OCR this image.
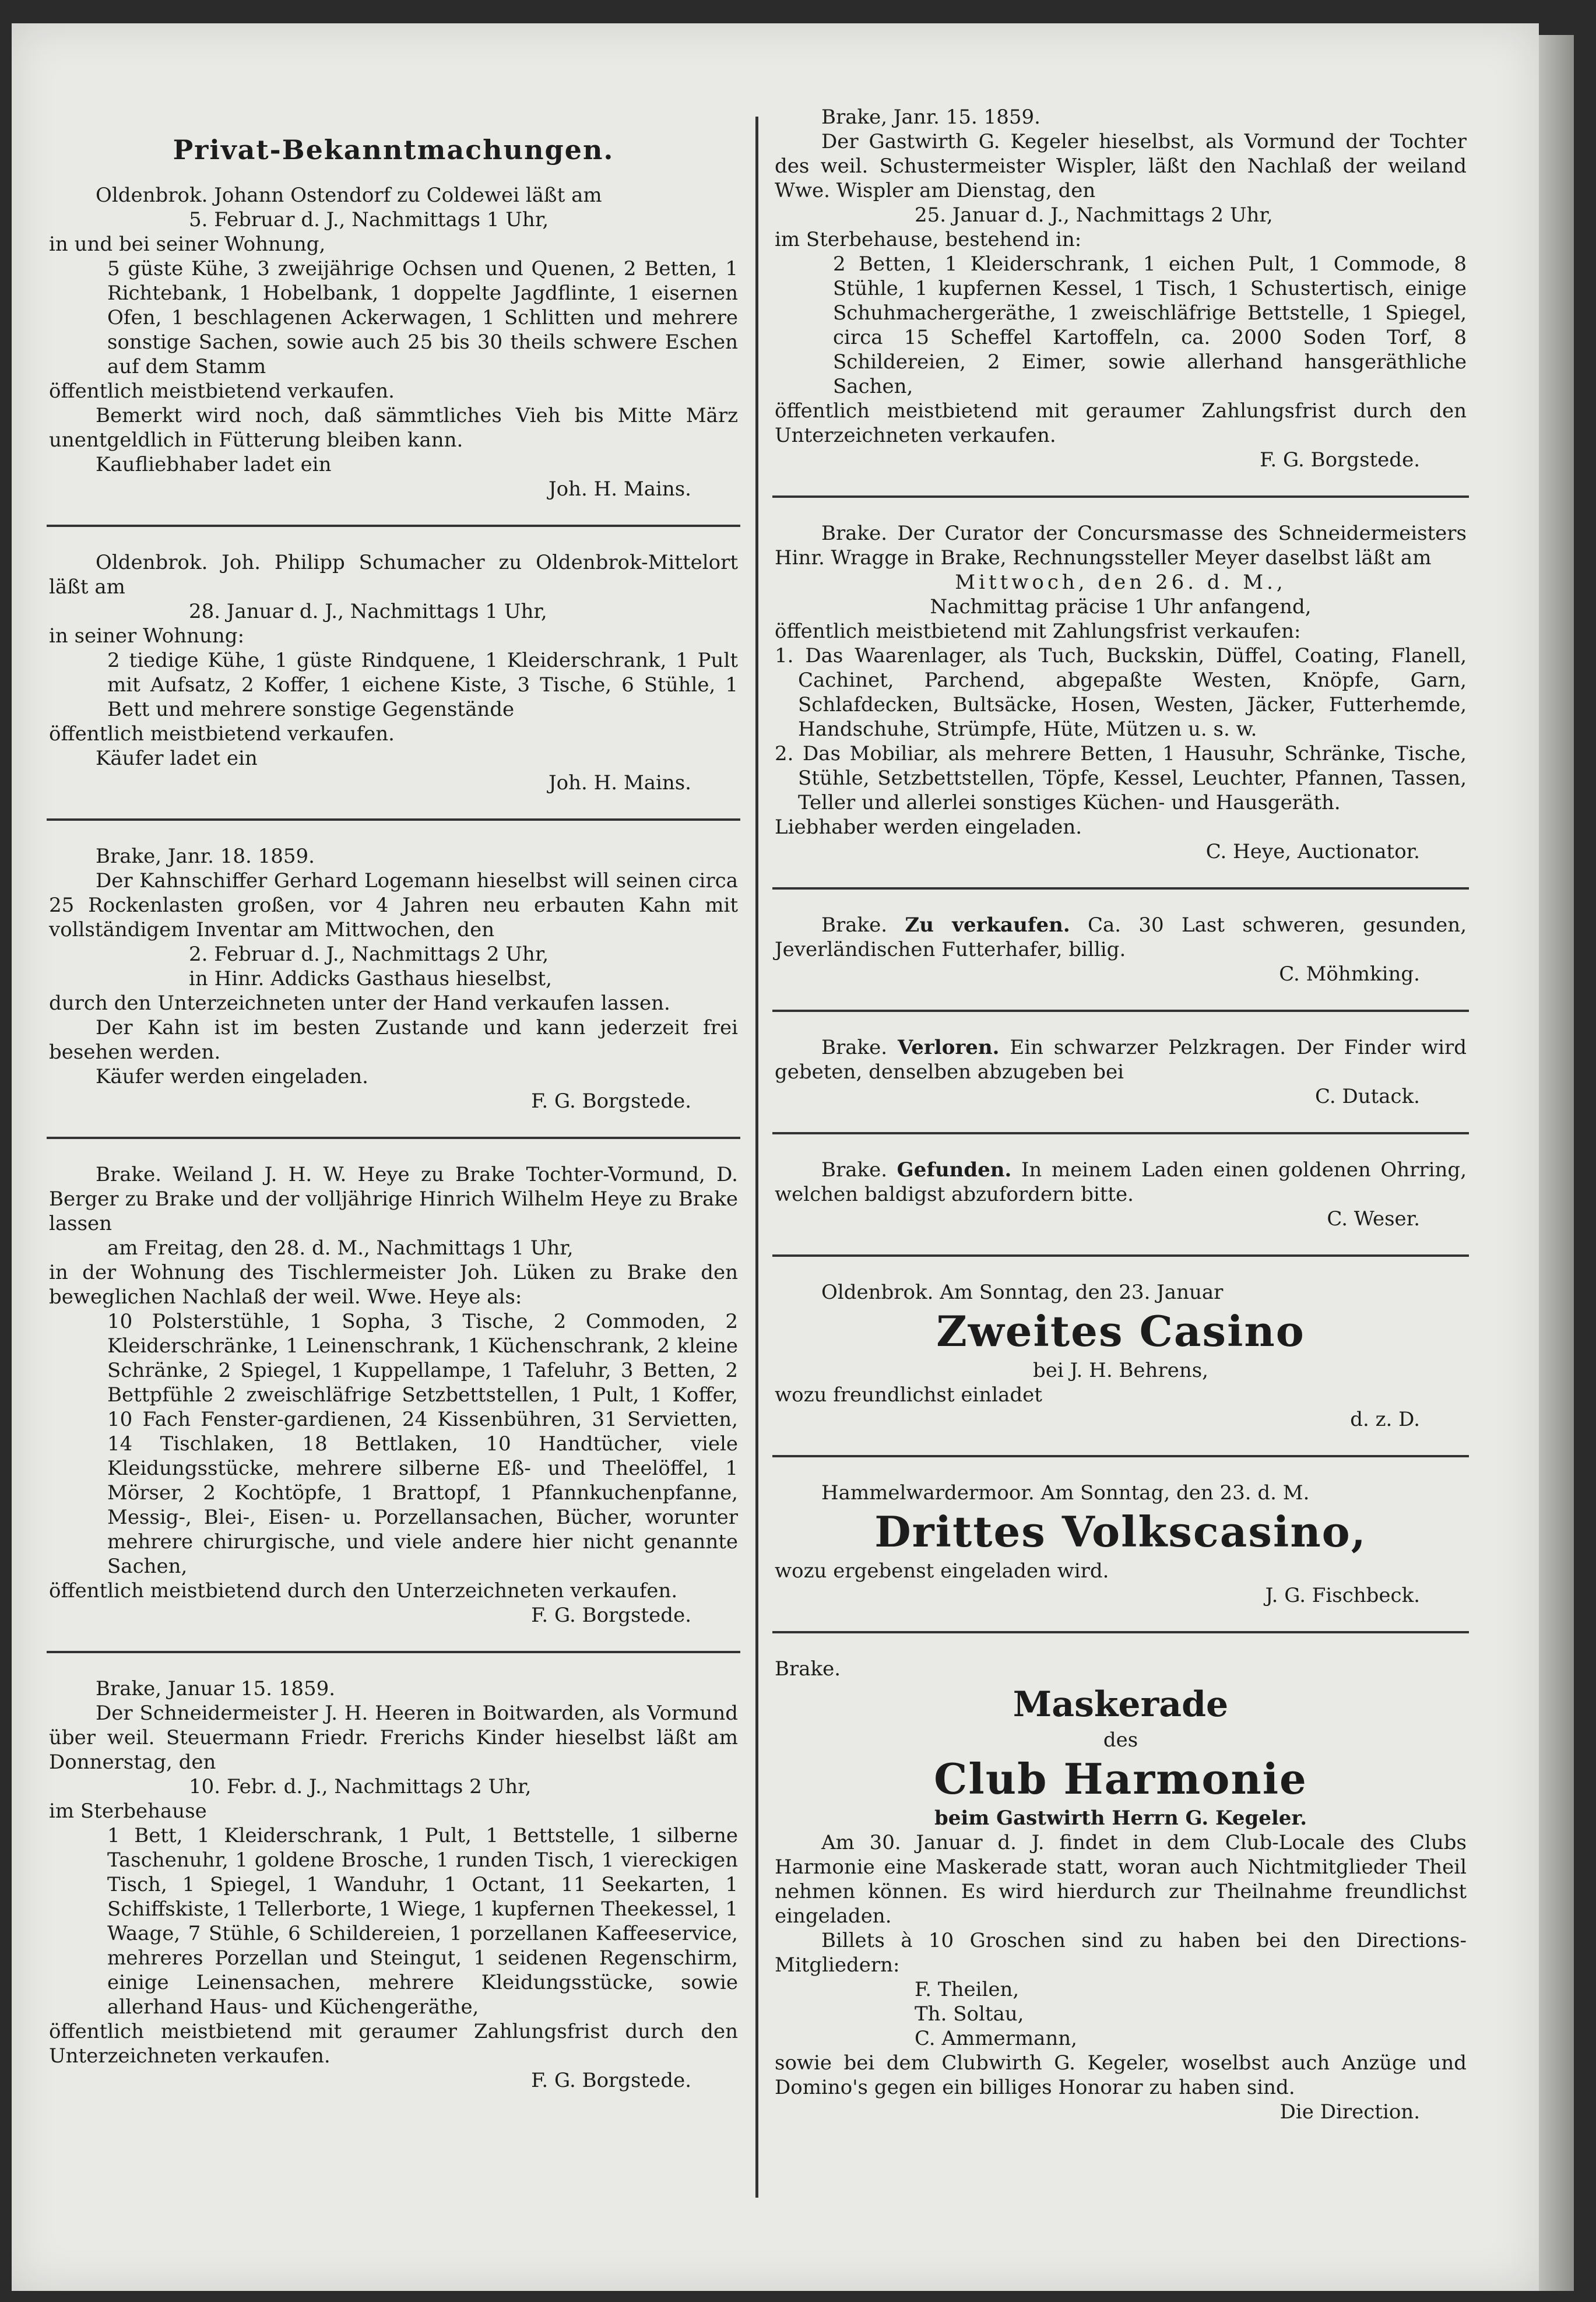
Privat-Bekanntmachungen.

Oldenbrok. Johann Ostendorf zu Coldewei läßt am

5. Februar d. J., Nachmittags 1 Uhr,

in und bei seiner Wohnung,

5 güste Kühe, 3 zweijährige Ochsen und Quenen, 2 Betten, 1 Richtebank, 1 Hobelbank, 1 doppelte Jagdflinte, 1 eisernen Ofen, 1 beschlagenen Ackerwagen, 1 Schlitten und mehrere sonstige Sachen, sowie auch 25 bis 30 theils schwere Eschen auf dem Stamm

öffentlich meistbietend verkaufen.

Bemerkt wird noch, daß sämmtliches Vieh bis Mitte März unentgeldlich in Fütterung bleiben kann.

Kaufliebhaber ladet ein

Joh. H. Mains.

Oldenbrok. Joh. Philipp Schumacher zu Oldenbrok-Mittelort läßt am

28. Januar d. J., Nachmittags 1 Uhr,

in seiner Wohnung:

2 tiedige Kühe, 1 güste Rindquene, 1 Kleiderschrank, 1 Pult mit Aufsatz, 2 Koffer, 1 eichene Kiste, 3 Tische, 6 Stühle, 1 Bett und mehrere sonstige Gegenstände

öffentlich meistbietend verkaufen.

Käufer ladet ein

Joh. H. Mains.

Brake, Janr. 18. 1859.

Der Kahnschiffer Gerhard Logemann hieselbst will seinen circa 25 Rockenlasten großen, vor 4 Jahren neu erbauten Kahn mit vollständigem Inventar am Mittwochen, den

2. Februar d. J., Nachmittags 2 Uhr,

in Hinr. Addicks Gasthaus hieselbst,

durch den Unterzeichneten unter der Hand verkaufen lassen.

Der Kahn ist im besten Zustande und kann jederzeit frei besehen werden.

Käufer werden eingeladen.

F. G. Borgstede.

Brake. Weiland J. H. W. Heye zu Brake Tochter-Vormund, D. Berger zu Brake und der volljährige Hinrich Wilhelm Heye zu Brake lassen

am Freitag, den 28. d. M., Nachmittags 1 Uhr,

in der Wohnung des Tischlermeister Joh. Lüken zu Brake den beweglichen Nachlaß der weil. Wwe. Heye als:

10 Polsterstühle, 1 Sopha, 3 Tische, 2 Commoden, 2 Kleiderschränke, 1 Leinenschrank, 1 Küchenschrank, 2 kleine Schränke, 2 Spiegel, 1 Kuppellampe, 1 Tafeluhr, 3 Betten, 2 Bettpfühle 2 zweischläfrige Setzbettstellen, 1 Pult, 1 Koffer, 10 Fach Fenster-gardienen, 24 Kissenbühren, 31 Servietten, 14 Tischlaken, 18 Bettlaken, 10 Handtücher, viele Kleidungsstücke, mehrere silberne Eß- und Theelöffel, 1 Mörser, 2 Kochtöpfe, 1 Brattopf, 1 Pfannkuchenpfanne, Messig-, Blei-, Eisen- u. Porzellansachen, Bücher, worunter mehrere chirurgische, und viele andere hier nicht genannte Sachen,

öffentlich meistbietend durch den Unterzeichneten verkaufen.

F. G. Borgstede.

Brake, Januar 15. 1859.

Der Schneidermeister J. H. Heeren in Boitwarden, als Vormund über weil. Steuermann Friedr. Frerichs Kinder hieselbst läßt am Donnerstag, den

10. Febr. d. J., Nachmittags 2 Uhr,

im Sterbehause

1 Bett, 1 Kleiderschrank, 1 Pult, 1 Bettstelle, 1 silberne Taschenuhr, 1 goldene Brosche, 1 runden Tisch, 1 viereckigen Tisch, 1 Spiegel, 1 Wanduhr, 1 Octant, 11 Seekarten, 1 Schiffskiste, 1 Tellerborte, 1 Wiege, 1 kupfernen Theekessel, 1 Waage, 7 Stühle, 6 Schildereien, 1 porzellanen Kaffeeservice, mehreres Porzellan und Steingut, 1 seidenen Regenschirm, einige Leinensachen, mehrere Kleidungsstücke, sowie allerhand Haus- und Küchengeräthe,

öffentlich meistbietend mit geraumer Zahlungsfrist durch den Unterzeichneten verkaufen.

F. G. Borgstede.

Brake, Janr. 15. 1859.

Der Gastwirth G. Kegeler hieselbst, als Vormund der Tochter des weil. Schustermeister Wispler, läßt den Nachlaß der weiland Wwe. Wispler am Dienstag, den

25. Januar d. J., Nachmittags 2 Uhr,

im Sterbehause, bestehend in:

2 Betten, 1 Kleiderschrank, 1 eichen Pult, 1 Commode, 8 Stühle, 1 kupfernen Kessel, 1 Tisch, 1 Schustertisch, einige Schuhmachergeräthe, 1 zweischläfrige Bettstelle, 1 Spiegel, circa 15 Scheffel Kartoffeln, ca. 2000 Soden Torf, 8 Schildereien, 2 Eimer, sowie allerhand hansgeräthliche Sachen,

öffentlich meistbietend mit geraumer Zahlungsfrist durch den Unterzeichneten verkaufen.

F. G. Borgstede.

Brake. Der Curator der Concursmasse des Schneidermeisters Hinr. Wragge in Brake, Rechnungssteller Meyer daselbst läßt am

Mittwoch, den 26. d. M.,

Nachmittag präcise 1 Uhr anfangend,

öffentlich meistbietend mit Zahlungsfrist verkaufen:

1. Das Waarenlager, als Tuch, Buckskin, Düffel, Coating, Flanell, Cachinet, Parchend, abgepaßte Westen, Knöpfe, Garn, Schlafdecken, Bultsäcke, Hosen, Westen, Jäcker, Futterhemde, Handschuhe, Strümpfe, Hüte, Mützen u. s. w.

2. Das Mobiliar, als mehrere Betten, 1 Hausuhr, Schränke, Tische, Stühle, Setzbettstellen, Töpfe, Kessel, Leuchter, Pfannen, Tassen, Teller und allerlei sonstiges Küchen- und Hausgeräth.

Liebhaber werden eingeladen.

C. Heye, Auctionator.

Brake. Zu verkaufen. Ca. 30 Last schweren, gesunden, Jeverländischen Futterhafer, billig.

C. Möhmking.

Brake. Verloren. Ein schwarzer Pelzkragen. Der Finder wird gebeten, denselben abzugeben bei

C. Dutack.

Brake. Gefunden. In meinem Laden einen goldenen Ohrring, welchen baldigst abzufordern bitte.

C. Weser.

Oldenbrok. Am Sonntag, den 23. Januar

Zweites Casino

bei J. H. Behrens,

wozu freundlichst einladet

d. z. D.

Hammelwardermoor. Am Sonntag, den 23. d. M.

Drittes Volkscasino,

wozu ergebenst eingeladen wird.

J. G. Fischbeck.

Brake.

Maskerade

des

Club Harmonie

beim Gastwirth Herrn G. Kegeler.

Am 30. Januar d. J. findet in dem Club-Locale des Clubs Harmonie eine Maskerade statt, woran auch Nichtmitglieder Theil nehmen können. Es wird hierdurch zur Theilnahme freundlichst eingeladen.

Billets à 10 Groschen sind zu haben bei den Directions-Mitgliedern:

F. Theilen,

Th. Soltau,

C. Ammermann,

sowie bei dem Clubwirth G. Kegeler, woselbst auch Anzüge und Domino's gegen ein billiges Honorar zu haben sind.

Die Direction.
